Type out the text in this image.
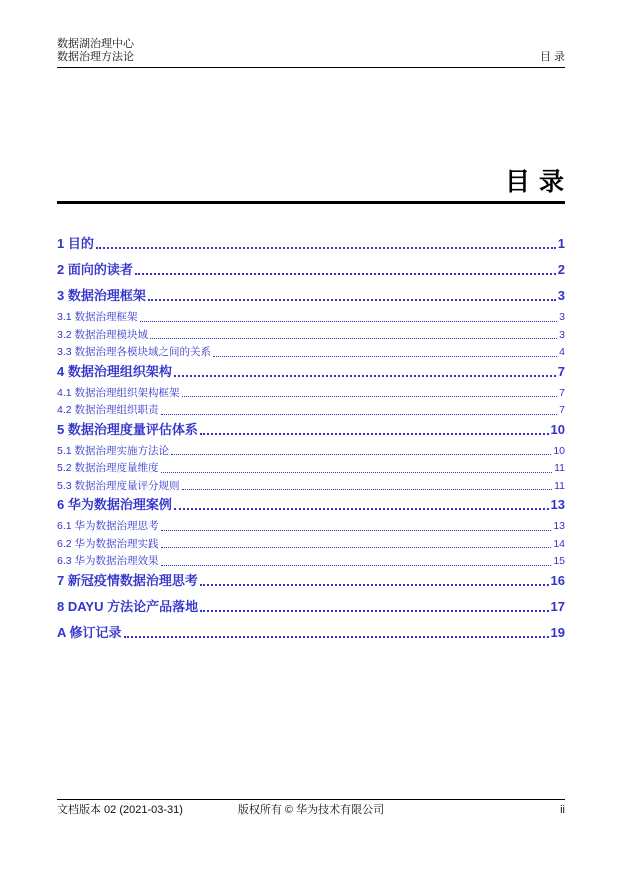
数据湖治理中心
数据治理方法论	目 录
目 录
1 目的	1
2 面向的读者	2
3 数据治理框架	3
3.1 数据治理框架	3
3.2 数据治理模块域	3
3.3 数据治理各模块域之间的关系	4
4 数据治理组织架构	7
4.1 数据治理组织架构框架	7
4.2 数据治理组织职责	7
5 数据治理度量评估体系	10
5.1 数据治理实施方法论	10
5.2 数据治理度量维度	11
5.3 数据治理度量评分规则	11
6 华为数据治理案例	13
6.1 华为数据治理思考	13
6.2 华为数据治理实践	14
6.3 华为数据治理效果	15
7 新冠疫情数据治理思考	16
8 DAYU 方法论产品落地	17
A 修订记录	19
文档版本 02 (2021-03-31)	版权所有 © 华为技术有限公司	ii
